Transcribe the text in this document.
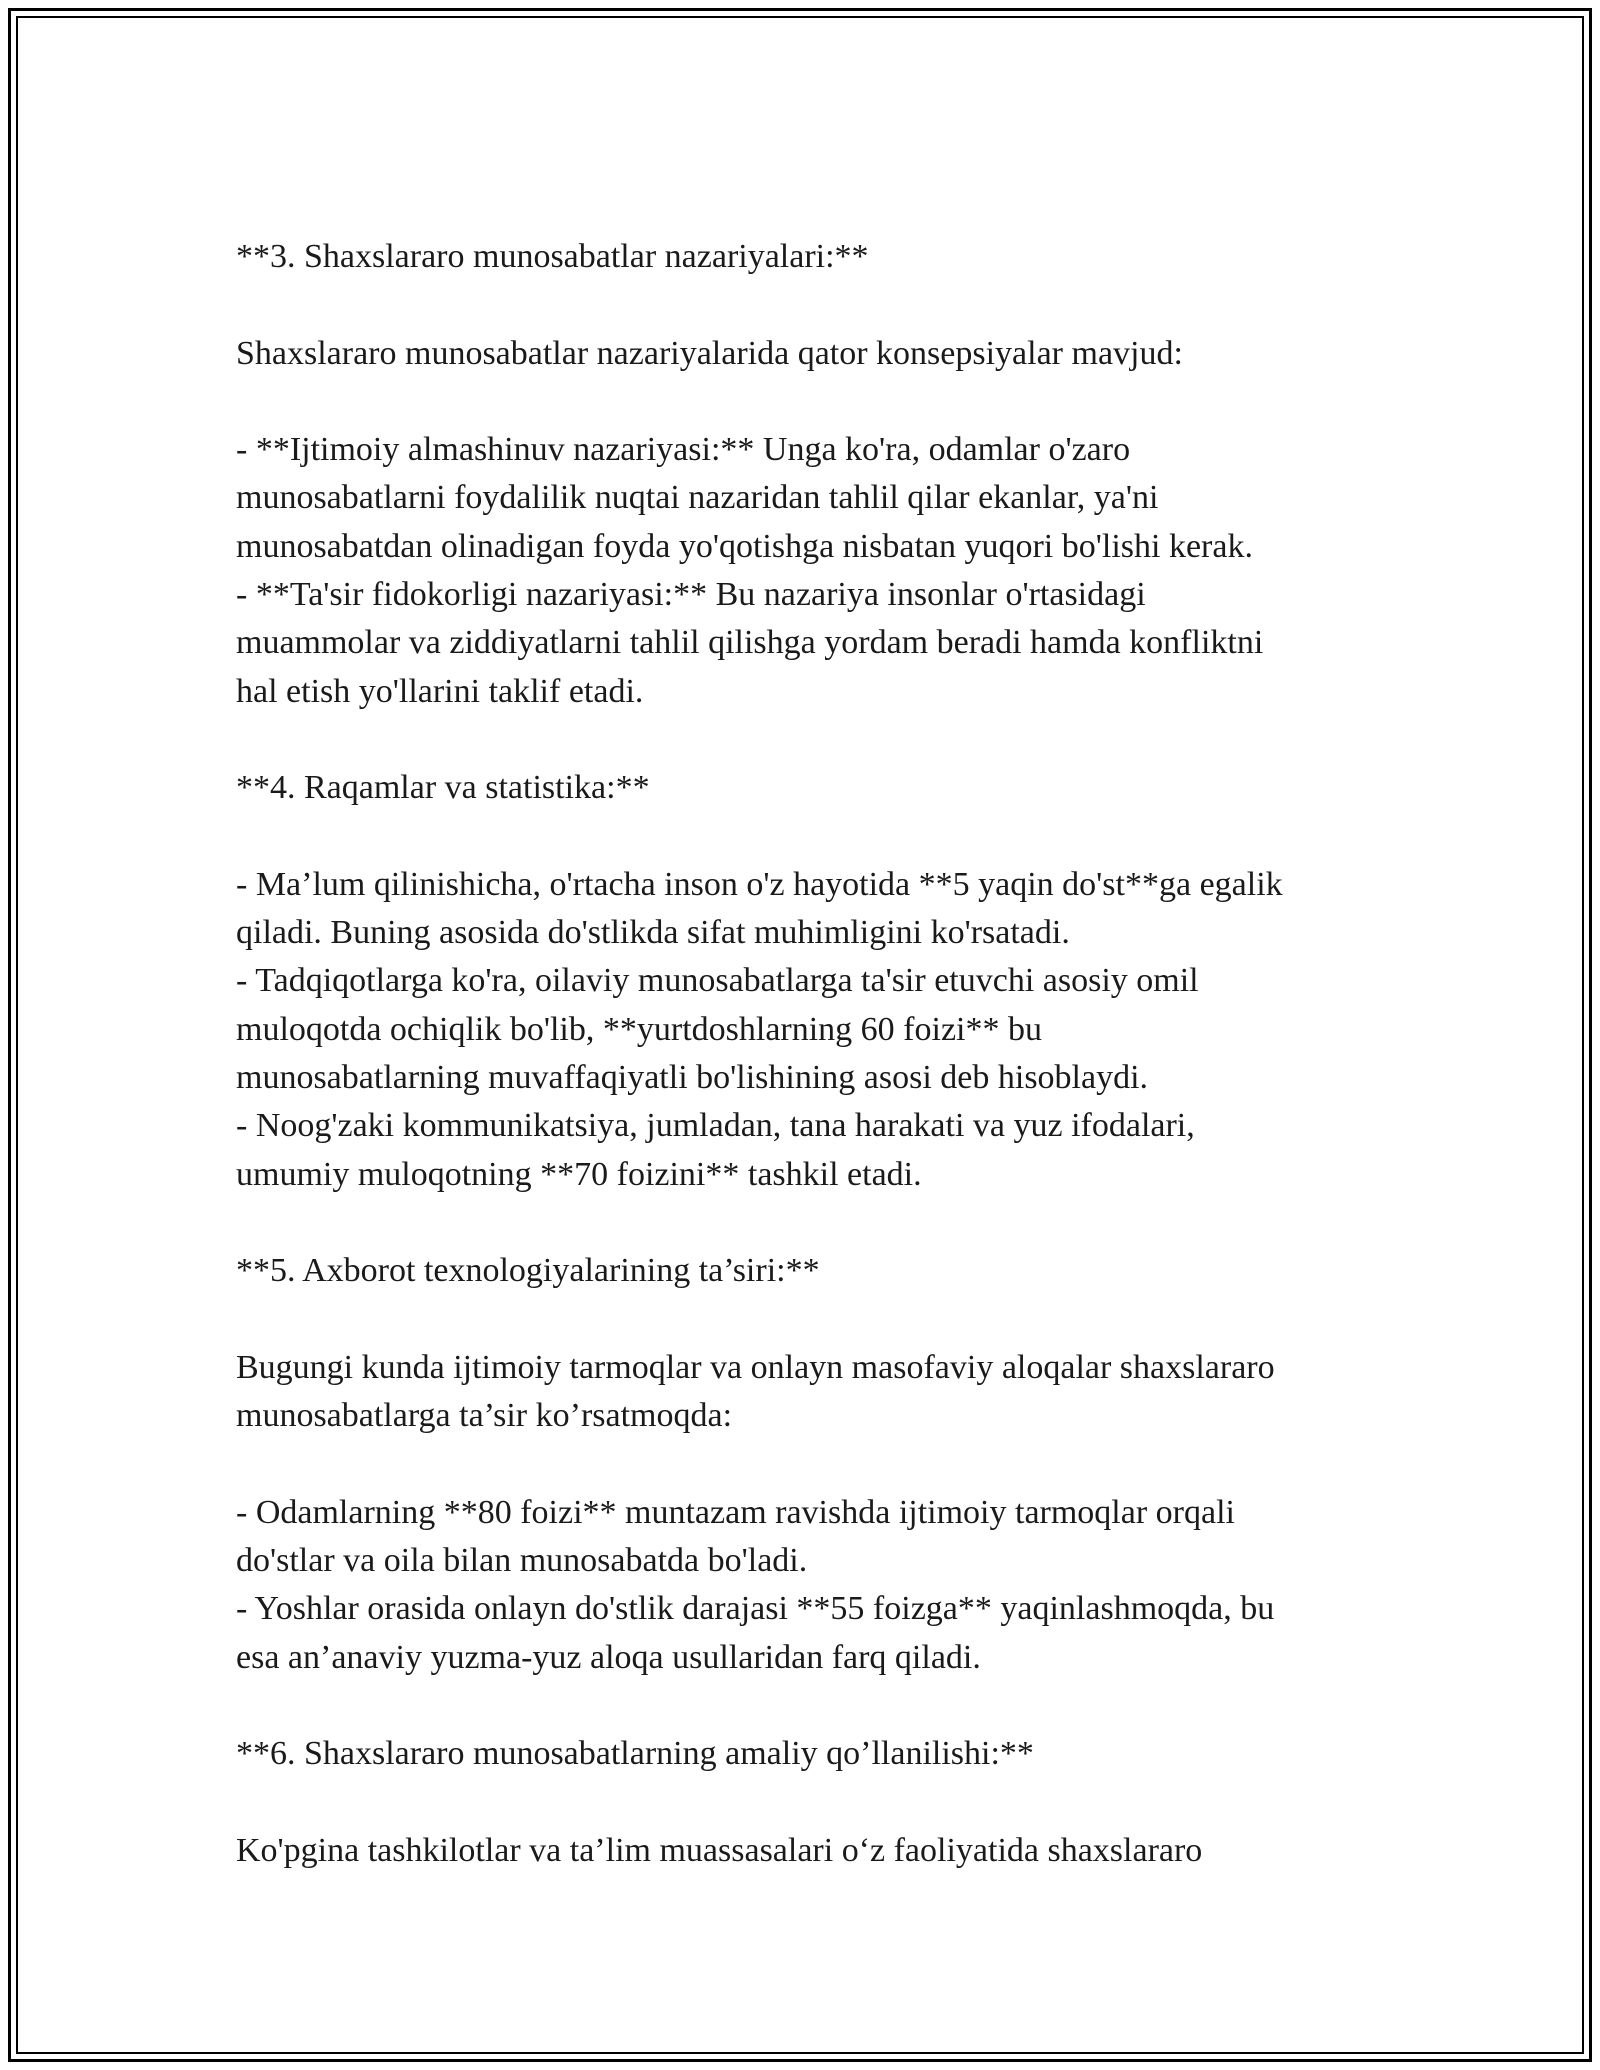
**3. Shaxslararo munosabatlar nazariyalari:**

Shaxslararo munosabatlar nazariyalarida qator konsepsiyalar mavjud:

- **Ijtimoiy almashinuv nazariyasi:** Unga ko'ra, odamlar o'zaro

munosabatlarni foydalilik nuqtai nazaridan tahlil qilar ekanlar, ya'ni

munosabatdan olinadigan foyda yo'qotishga nisbatan yuqori bo'lishi kerak.

- **Ta'sir fidokorligi nazariyasi:** Bu nazariya insonlar o'rtasidagi

muammolar va ziddiyatlarni tahlil qilishga yordam beradi hamda konfliktni

hal etish yo'llarini taklif etadi.

**4. Raqamlar va statistika:**

- Ma’lum qilinishicha, o'rtacha inson o'z hayotida **5 yaqin do'st**ga egalik

qiladi. Buning asosida do'stlikda sifat muhimligini ko'rsatadi.

- Tadqiqotlarga ko'ra, oilaviy munosabatlarga ta'sir etuvchi asosiy omil

muloqotda ochiqlik bo'lib, **yurtdoshlarning 60 foizi** bu

munosabatlarning muvaffaqiyatli bo'lishining asosi deb hisoblaydi.

- Noog'zaki kommunikatsiya, jumladan, tana harakati va yuz ifodalari,

umumiy muloqotning **70 foizini** tashkil etadi.

**5. Axborot texnologiyalarining ta’siri:**

Bugungi kunda ijtimoiy tarmoqlar va onlayn masofaviy aloqalar shaxslararo

munosabatlarga ta’sir ko’rsatmoqda:

- Odamlarning **80 foizi** muntazam ravishda ijtimoiy tarmoqlar orqali

do'stlar va oila bilan munosabatda bo'ladi.

- Yoshlar orasida onlayn do'stlik darajasi **55 foizga** yaqinlashmoqda, bu

esa an’anaviy yuzma-yuz aloqa usullaridan farq qiladi.

**6. Shaxslararo munosabatlarning amaliy qo’llanilishi:**

Ko'pgina tashkilotlar va ta’lim muassasalari o‘z faoliyatida shaxslararo
